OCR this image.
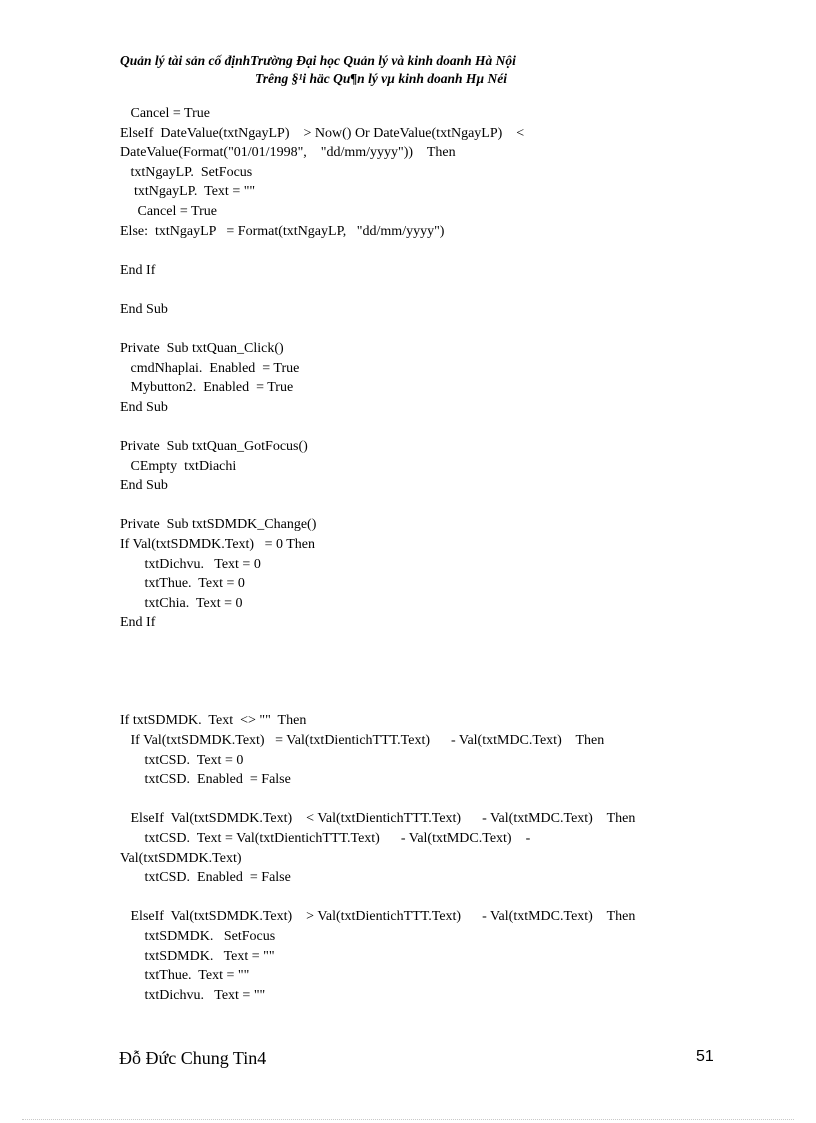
Quản lý tài sản cố địnhTrường Đại học Quản lý và kinh doanh Hà Nội
Trêng §¹i häc Qu¶n lý vµ kinh doanh Hµ Néi
Cancel = True
ElseIf  DateValue(txtNgayLP)    > Now() Or DateValue(txtNgayLP)    <
DateValue(Format("01/01/1998",    "dd/mm/yyyy"))    Then
txtNgayLP.  SetFocus
txtNgayLP.  Text = ""
Cancel = True
Else:  txtNgayLP   = Format(txtNgayLP,   "dd/mm/yyyy")

End If

End Sub

Private  Sub txtQuan_Click()
cmdNhaplai.  Enabled  = True
Mybutton2.  Enabled  = True
End Sub

Private  Sub txtQuan_GotFocus()
CEmpty  txtDiachi
End Sub

Private  Sub txtSDMDK_Change()
If Val(txtSDMDK.Text)   = 0 Then
txtDichvu.   Text = 0
txtThue.  Text = 0
txtChia.  Text = 0
End If

If txtSDMDK.  Text  <> ""  Then
If Val(txtSDMDK.Text)   = Val(txtDientichTTT.Text)      - Val(txtMDC.Text)    Then
txtCSD.  Text = 0
txtCSD.  Enabled  = False

ElseIf  Val(txtSDMDK.Text)    < Val(txtDientichTTT.Text)      - Val(txtMDC.Text)    Then
txtCSD.  Text = Val(txtDientichTTT.Text)      - Val(txtMDC.Text)    -
Val(txtSDMDK.Text)
txtCSD.  Enabled  = False

ElseIf  Val(txtSDMDK.Text)    > Val(txtDientichTTT.Text)      - Val(txtMDC.Text)    Then
txtSDMDK.   SetFocus
txtSDMDK.   Text = ""
txtThue.  Text = ""
txtDichvu.   Text = ""
Đỗ Đức Chung Tin4	51
